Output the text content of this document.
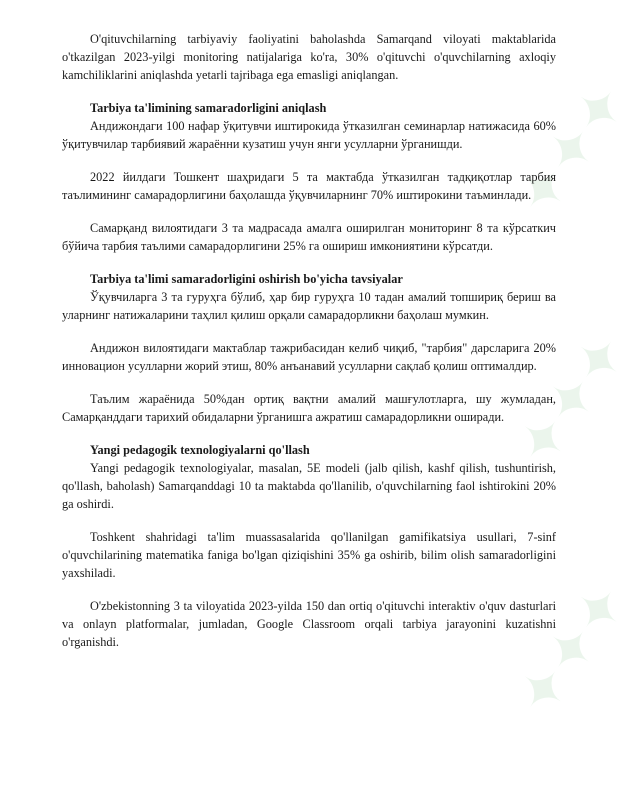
✦✦✦
✦✦✦
✦✦✦

O'qituvchilarning tarbiyaviy faoliyatini baholashda Samarqand viloyati maktablarida o'tkazilgan 2023-yilgi monitoring natijalariga ko'ra, 30% o'qituvchi o'quvchilarning axloqiy kamchiliklarini aniqlashda yetarli tajribaga ega emasligi aniqlangan.

Tarbiya ta'limining samaradorligini aniqlash

Андижондаги 100 нафар ўқитувчи иштирокида ўтказилган семинарлар натижасида 60% ўқитувчилар тарбиявий жараённи кузатиш учун янги усулларни ўрганишди.

2022 йилдаги Тошкент шаҳридаги 5 та мактабда ўтказилган тадқиқотлар тарбия таълимининг самарадорлигини баҳолашда ўқувчиларнинг 70% иштирокини таъминлади.

Самарқанд вилоятидаги 3 та мадрасада амалга оширилган мониторинг 8 та кўрсаткич бўйича тарбия таълими самарадорлигини 25% га ошириш имкониятини кўрсатди.

Tarbiya ta'limi samaradorligini oshirish bo'yicha tavsiyalar

Ўқувчиларга 3 та гуруҳга бўлиб, ҳар бир гуруҳга 10 тадан амалий топшириқ бериш ва уларнинг натижаларини таҳлил қилиш орқали самарадорликни баҳолаш мумкин.

Андижон вилоятидаги мактаблар тажрибасидан келиб чиқиб, "тарбия" дарсларига 20% инновацион усулларни жорий этиш, 80% анъанавий усулларни сақлаб қолиш оптималдир.

Таълим жараёнида 50%дан ортиқ вақтни амалий машғулотларга, шу жумладан, Самарқанддаги тарихий обидаларни ўрганишга ажратиш самарадорликни оширади.

Yangi pedagogik texnologiyalarni qo'llash

Yangi pedagogik texnologiyalar, masalan, 5E modeli (jalb qilish, kashf qilish, tushuntirish, qo'llash, baholash) Samarqanddagi 10 ta maktabda qo'llanilib, o'quvchilarning faol ishtirokini 20% ga oshirdi.

Toshkent shahridagi ta'lim muassasalarida qo'llanilgan gamifikatsiya usullari, 7-sinf o'quvchilarining matematika faniga bo'lgan qiziqishini 35% ga oshirib, bilim olish samaradorligini yaxshiladi.

O'zbekistonning 3 ta viloyatida 2023-yilda 150 dan ortiq o'qituvchi interaktiv o'quv dasturlari va onlayn platformalar, jumladan, Google Classroom orqali tarbiya jarayonini kuzatishni o'rganishdi.
